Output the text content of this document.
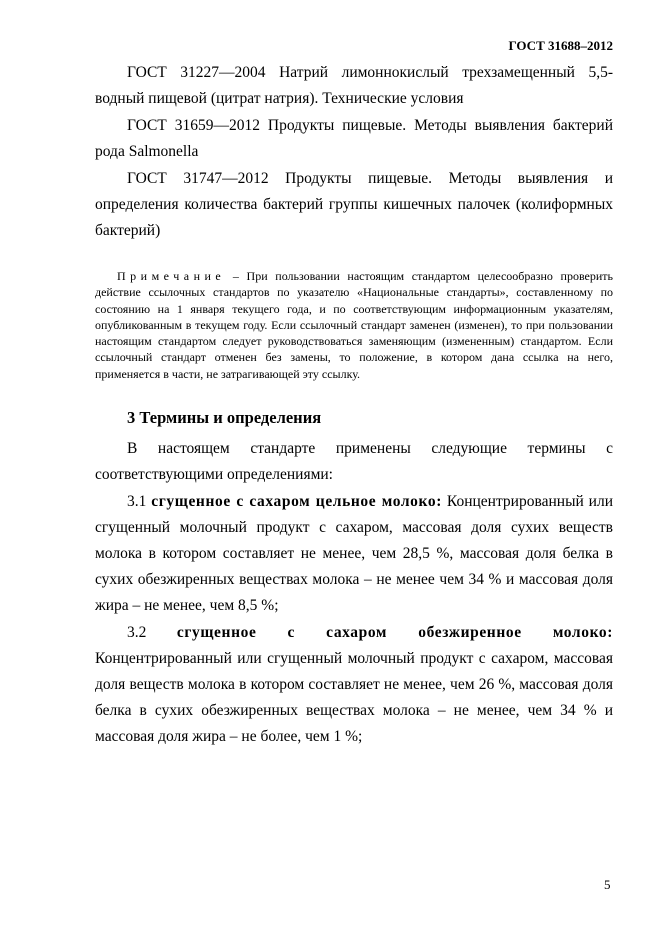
ГОСТ 31688–2012

ГОСТ 31227—2004 Натрий лимоннокислый трехзамещенный 5,5-водный пищевой (цитрат натрия). Технические условия

ГОСТ 31659—2012 Продукты пищевые. Методы выявления бактерий рода Salmonella

ГОСТ 31747—2012 Продукты пищевые. Методы выявления и определения количества бактерий группы кишечных палочек (колиформных бактерий)

Примечание – При пользовании настоящим стандартом целесообразно проверить действие ссылочных стандартов по указателю «Национальные стандарты», составленному по состоянию на 1 января текущего года, и по соответствующим информационным указателям, опубликованным в текущем году. Если ссылочный стандарт заменен (изменен), то при пользовании настоящим стандартом следует руководствоваться заменяющим (измененным) стандартом. Если ссылочный стандарт отменен без замены, то положение, в котором дана ссылка на него, применяется в части, не затрагивающей эту ссылку.

3 Термины и определения

В настоящем стандарте применены следующие термины с соответствующими определениями:

3.1 сгущенное с сахаром цельное молоко: Концентрированный или сгущенный молочный продукт с сахаром, массовая доля сухих веществ молока в котором составляет не менее, чем 28,5 %, массовая доля белка в сухих обезжиренных веществах молока – не менее чем 34 % и массовая доля жира – не менее, чем 8,5 %;

3.2 сгущенное с сахаром обезжиренное молоко: Концентрированный или сгущенный молочный продукт с сахаром, массовая доля веществ молока в котором составляет не менее, чем 26 %, массовая доля белка в сухих обезжиренных веществах молока – не менее, чем 34 % и массовая доля жира – не более, чем 1 %;

5
